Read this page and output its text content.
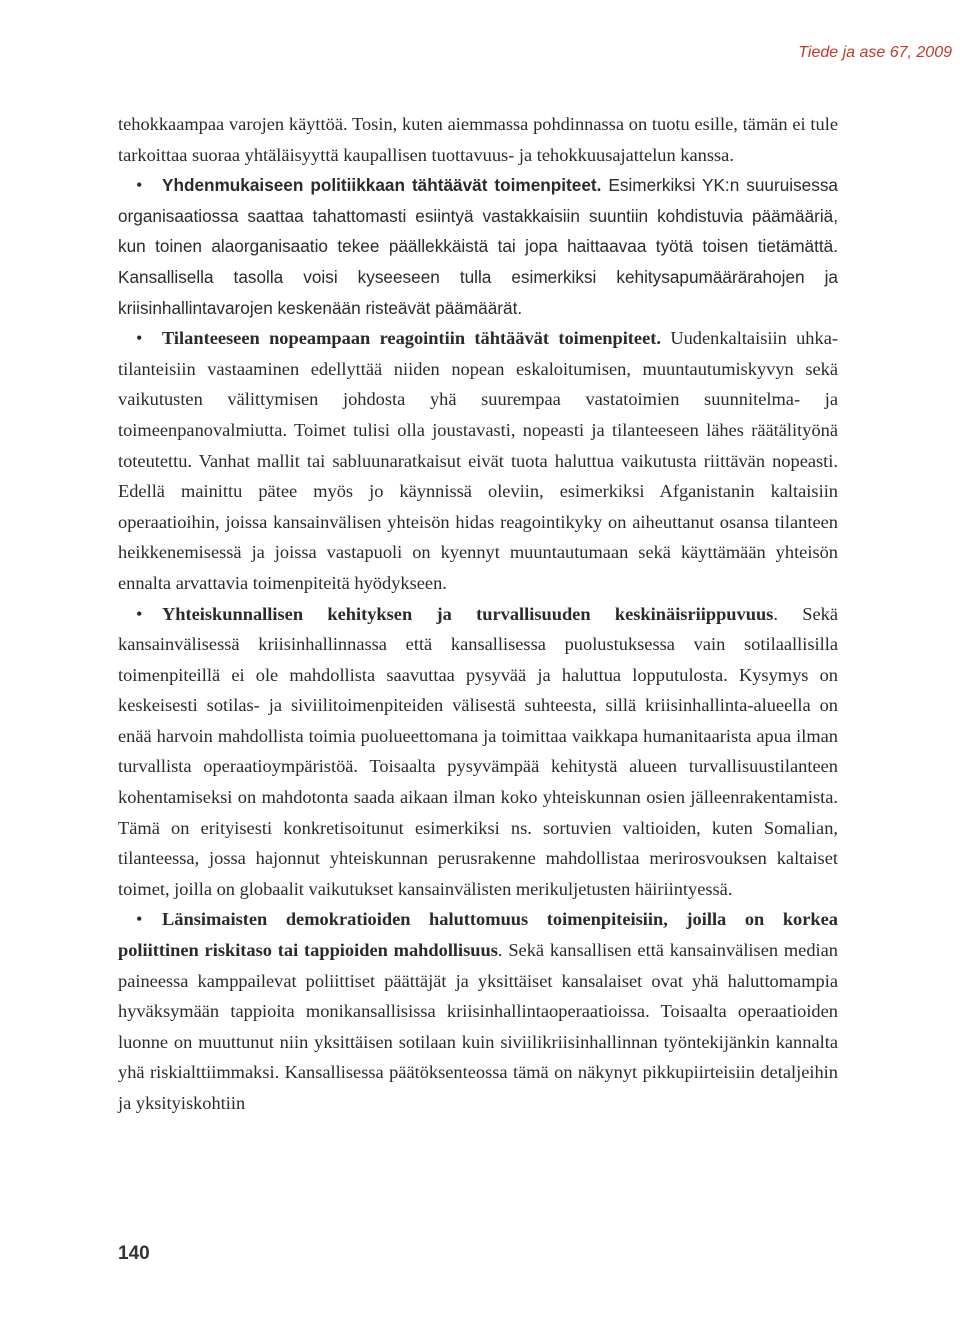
Tiede ja ase 67, 2009

tehokkaampaa varojen käyttöä. Tosin, kuten aiemmassa pohdinnassa on tuotu esille, tämän ei tule tarkoittaa suoraa yhtäläisyyttä kaupallisen tuottavuus- ja tehokkuusajattelun kanssa.

• Yhdenmukaiseen politiikkaan tähtäävät toimenpiteet. Esimerkiksi YK:n suuruisessa organisaatiossa saattaa tahattomasti esiintyä vastakkaisiin suuntiin kohdistuvia päämääriä, kun toinen alaorganisaatio tekee päällekkäistä tai jopa haittaavaa työtä toisen tietämättä. Kansallisella tasolla voisi kyseeseen tulla esimerkiksi kehitysapumäärärahojen ja kriisinhallintavarojen keskenään risteävät päämäärät.

• Tilanteeseen nopeampaan reagointiin tähtäävät toimenpiteet. Uudenkaltaisiin uhka-tilanteisiin vastaaminen edellyttää niiden nopean eskaloitumisen, muuntautumiskyvyn sekä vaikutusten välittymisen johdosta yhä suurempaa vastatoimien suunnitelma- ja toimeenpanovalmiutta. Toimet tulisi olla joustavasti, nopeasti ja tilanteeseen lähes räätälityönä toteutettu. Vanhat mallit tai sabluunaratkaisut eivät tuota haluttua vaikutusta riittävän nopeasti. Edellä mainittu pätee myös jo käynnissä oleviin, esimerkiksi Afganistanin kaltaisiin operaatioihin, joissa kansainvälisen yhteisön hidas reagointikyky on aiheuttanut osansa tilanteen heikkenemisessä ja joissa vastapuoli on kyennyt muuntautumaan sekä käyttämään yhteisön ennalta arvattavia toimenpiteitä hyödykseen.

• Yhteiskunnallisen kehityksen ja turvallisuuden keskinäisriippuvuus. Sekä kansainvälisessä kriisinhallinnassa että kansallisessa puolustuksessa vain sotilaallisilla toimenpiteillä ei ole mahdollista saavuttaa pysyvää ja haluttua lopputulosta. Kysymys on keskeisesti sotilas- ja siviilitoimenpiteiden välisestä suhteesta, sillä kriisinhallinta-alueella on enää harvoin mahdollista toimia puolueettomana ja toimittaa vaikkapa humanitaarista apua ilman turvallista operaatioympäristöä. Toisaalta pysyvämpää kehitystä alueen turvallisuustilanteen kohentamiseksi on mahdotonta saada aikaan ilman koko yhteiskunnan osien jälleenrakentamista. Tämä on erityisesti konkretisoitunut esimerkiksi ns. sortuvien valtioiden, kuten Somalian, tilanteessa, jossa hajonnut yhteiskunnan perusrakenne mahdollistaa merirosvouksen kaltaiset toimet, joilla on globaalit vaikutukset kansainvälisten merikuljetusten häiriintyessä.

• Länsimaisten demokratioiden haluttomuus toimenpiteisiin, joilla on korkea poliittinen riskitaso tai tappioiden mahdollisuus. Sekä kansallisen että kansainvälisen median paineessa kamppailevat poliittiset päättäjät ja yksittäiset kansalaiset ovat yhä haluttomampia hyväksymään tappioita monikansallisissa kriisinhallintaoperaatioissa. Toisaalta operaatioiden luonne on muuttunut niin yksittäisen sotilaan kuin siviilikriisinhallinnan työntekijänkin kannalta yhä riskialttiimmaksi. Kansallisessa päätöksenteossa tämä on näkynyt pikkupiirteisiin detaljeihin ja yksityiskohtiin

140
